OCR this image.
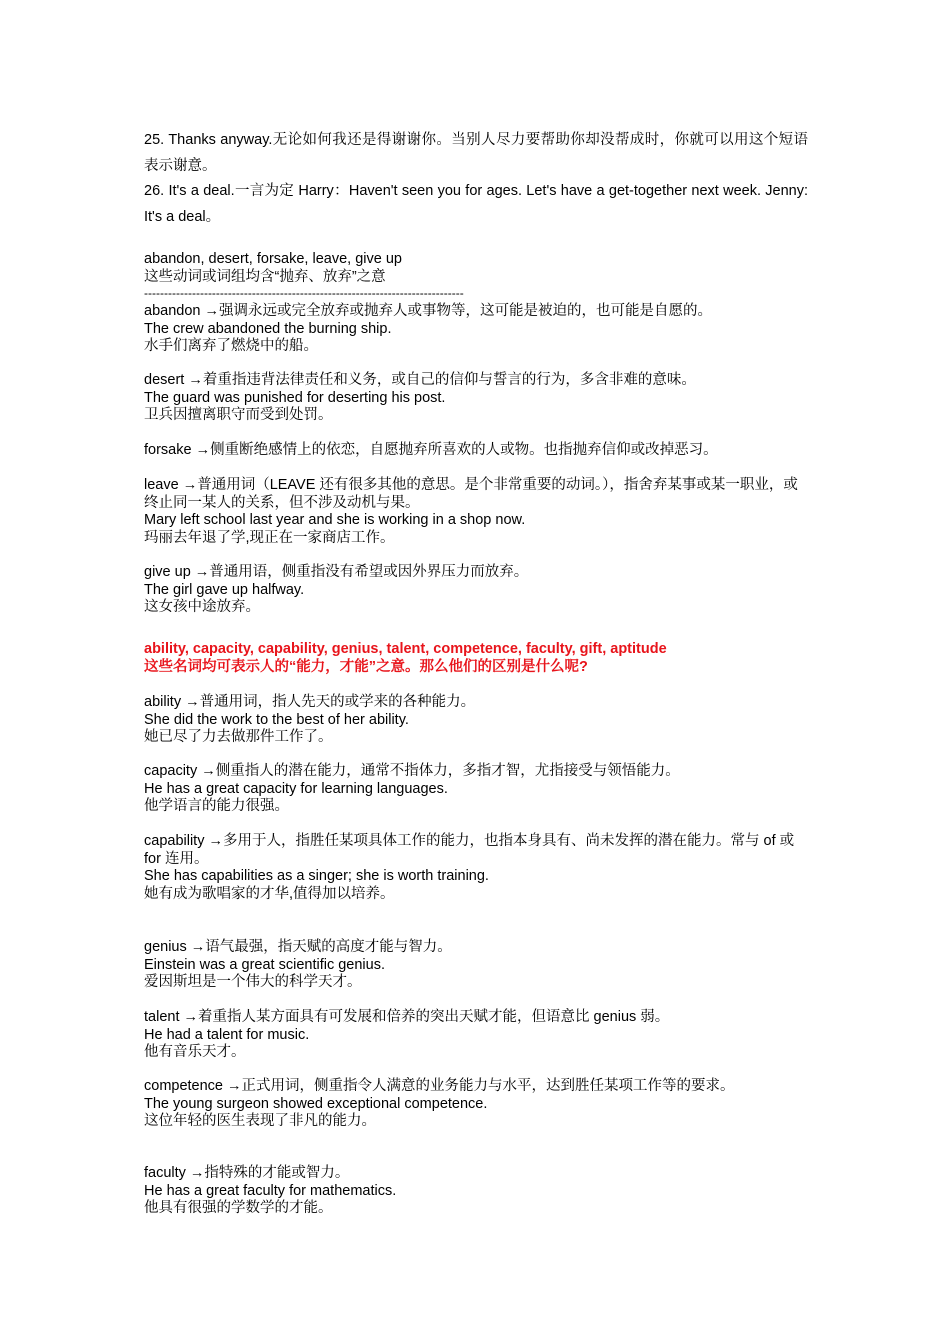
25. Thanks anyway.无论如何我还是得谢谢你。当别人尽力要帮助你却没帮成时，你就可以用这个短语表示谢意。

26. It's a deal.一言为定 Harry：Haven't seen you for ages. Let's have a get-together next week. Jenny: It's a deal。

abandon, desert, forsake, leave, give up
这些动词或词组均含“抛弃、放弃”之意
--------------------------------------------------------------------------------
abandon →强调永远或完全放弃或抛弃人或事物等，这可能是被迫的，也可能是自愿的。
The crew abandoned the burning ship.
水手们离弃了燃烧中的船。
desert →着重指违背法律责任和义务，或自己的信仰与誓言的行为，多含非难的意味。
The guard was punished for deserting his post.
卫兵因擅离职守而受到处罚。
forsake →侧重断绝感情上的依恋，自愿抛弃所喜欢的人或物。也指抛弃信仰或改掉恶习。
leave →普通用词（LEAVE 还有很多其他的意思。是个非常重要的动词。），指舍弃某事或某一职业，或终止同一某人的关系，但不涉及动机与果。
Mary left school last year and she is working in a shop now.
玛丽去年退了学,现正在一家商店工作。
give up →普通用语，侧重指没有希望或因外界压力而放弃。
The girl gave up halfway.
这女孩中途放弃。
ability, capacity, capability, genius, talent, competence, faculty, gift, aptitude
这些名词均可表示人的“能力，才能”之意。那么他们的区别是什么呢?
ability →普通用词，指人先天的或学来的各种能力。
She did the work to the best of her ability.
她已尽了力去做那件工作了。
capacity →侧重指人的潜在能力，通常不指体力，多指才智，尤指接受与领悟能力。
He has a great capacity for learning languages.
他学语言的能力很强。
capability →多用于人，指胜任某项具体工作的能力，也指本身具有、尚未发挥的潜在能力。常与 of 或 for 连用。
She has capabilities as a singer; she is worth training.
她有成为歌唱家的才华,值得加以培养。
genius →语气最强，指天赋的高度才能与智力。
Einstein was a great scientific genius.
爱因斯坦是一个伟大的科学天才。
talent →着重指人某方面具有可发展和倍养的突出天赋才能，但语意比 genius 弱。
He had a talent for music.
他有音乐天才。
competence →正式用词，侧重指令人满意的业务能力与水平，达到胜任某项工作等的要求。
The young surgeon showed exceptional competence.
这位年轻的医生表现了非凡的能力。
faculty →指特殊的才能或智力。
He has a great faculty for mathematics.
他具有很强的学数学的才能。
